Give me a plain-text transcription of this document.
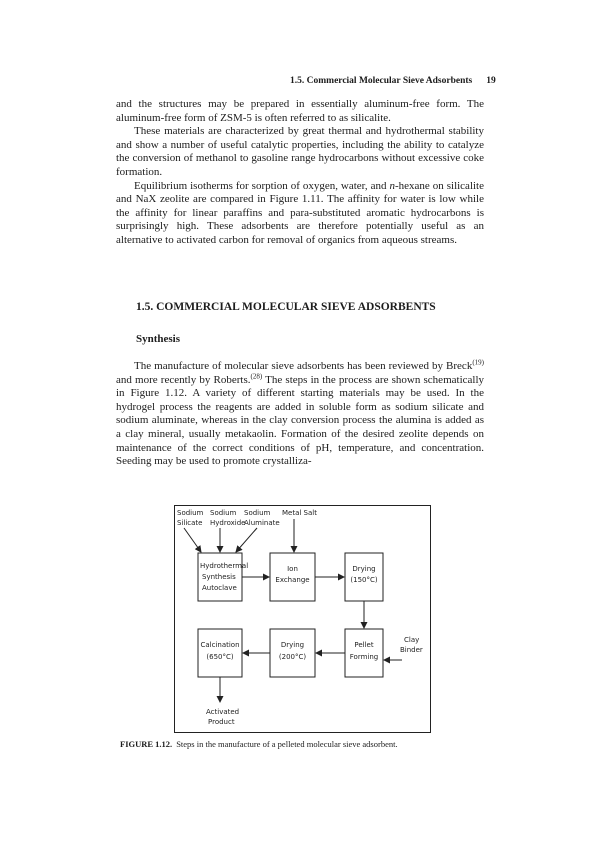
1.5. Commercial Molecular Sieve Adsorbents 19

and the structures may be prepared in essentially aluminum-free form. The aluminum-free form of ZSM-5 is often referred to as silicalite.

These materials are characterized by great thermal and hydrothermal stability and show a number of useful catalytic properties, including the ability to catalyze the conversion of methanol to gasoline range hydrocarbons without excessive coke formation.

Equilibrium isotherms for sorption of oxygen, water, and n-hexane on silicalite and NaX zeolite are compared in Figure 1.11. The affinity for water is low while the affinity for linear paraffins and para-substituted aromatic hydrocarbons is surprisingly high. These adsorbents are therefore potentially useful as an alternative to activated carbon for removal of organics from aqueous streams.

1.5. COMMERCIAL MOLECULAR SIEVE ADSORBENTS
Synthesis

The manufacture of molecular sieve adsorbents has been reviewed by Breck$^{(19)}$ and more recently by Roberts.$^{(28)}$ The steps in the process are shown schematically in Figure 1.12. A variety of different starting materials may be used. In the hydrogel process the reagents are added in soluble form as sodium silicate and sodium aluminate, whereas in the clay conversion process the alumina is added as a clay mineral, usually metakaolin. Formation of the desired zeolite depends on maintenance of the correct conditions of pH, temperature, and concentration. Seeding may be used to promote crystalliza-

Sodium
Silicate
Sodium
Hydroxide
Sodium
Aluminate
Metal Salt
Hydrothermal
Synthesis
Autoclave
Ion
Exchange
Drying
(150°C)
Calcination
(650°C)
Drying
(200°C)
Pellet
Forming
Clay
Binder
Activated
Product
FIGURE 1.12. Steps in the manufacture of a pelleted molecular sieve adsorbent.
